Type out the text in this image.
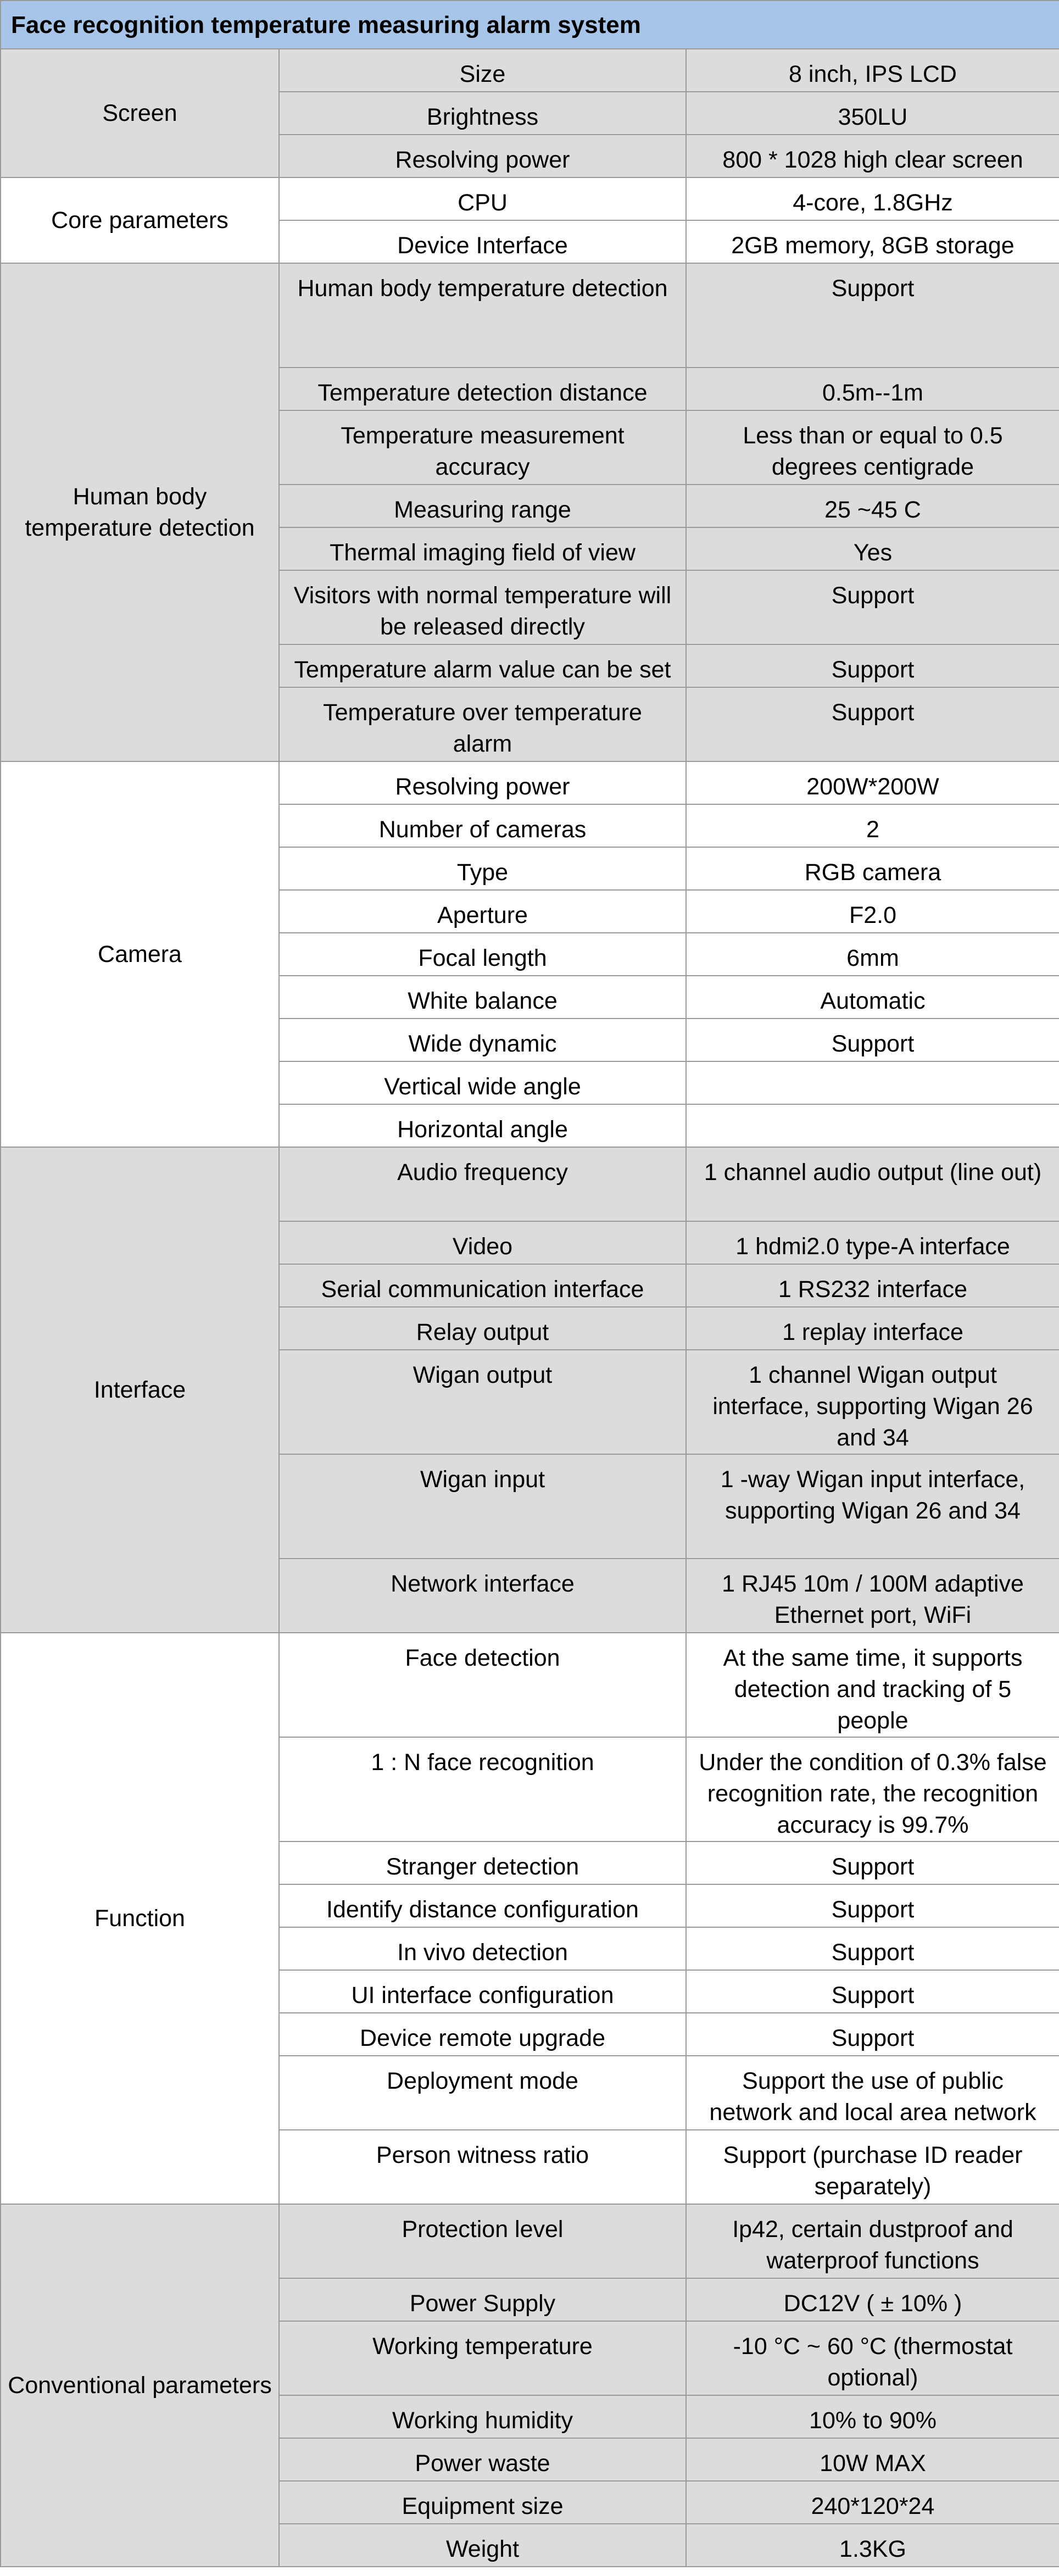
Face recognition temperature measuring alarm system		
Screen	Size	8 inch, IPS LCD
	Brightness	350LU
	Resolving power	800 * 1028 high clear screen
Core parameters	CPU	4-core, 1.8GHz
	Device Interface	2GB memory, 8GB storage
Human body temperature detection	Human body temperature detection	Support
	Temperature detection distance	0.5m--1m
	Temperature measurement accuracy	Less than or equal to 0.5 degrees centigrade
	Measuring range	25 ~45 C
	Thermal imaging field of view	Yes
	Visitors with normal temperature will be released directly	Support
	Temperature alarm value can be set	Support
	Temperature over temperature alarm	Support
Camera	Resolving power	200W*200W
	Number of cameras	2
	Type	RGB camera
	Aperture	F2.0
	Focal length	6mm
	White balance	Automatic
	Wide dynamic	Support
	Vertical wide angle	
	Horizontal angle	
Interface	Audio frequency	1 channel audio output (line out)
	Video	1 hdmi2.0 type-A interface
	Serial communication interface	1 RS232 interface
	Relay output	1 replay interface
	Wigan output	1 channel Wigan output interface, supporting Wigan 26 and 34
	Wigan input	1 -way Wigan input interface, supporting Wigan 26 and 34
	Network interface	1 RJ45 10m / 100M adaptive Ethernet port, WiFi
Function	Face detection	At the same time, it supports detection and tracking of 5 people
	1 : N face recognition	Under the condition of 0.3% false recognition rate, the recognition accuracy is 99.7%
	Stranger detection	Support
	Identify distance configuration	Support
	In vivo detection	Support
	UI interface configuration	Support
	Device remote upgrade	Support
	Deployment mode	Support the use of public network and local area network
	Person witness ratio	Support (purchase ID reader separately)
Conventional parameters	Protection level	Ip42, certain dustproof and waterproof functions
	Power Supply	DC12V ( ± 10% )
	Working temperature	-10 °C ~ 60 °C (thermostat optional)
	Working humidity	10% to 90%
	Power waste	10W MAX
	Equipment size	240*120*24
	Weight	1.3KG
